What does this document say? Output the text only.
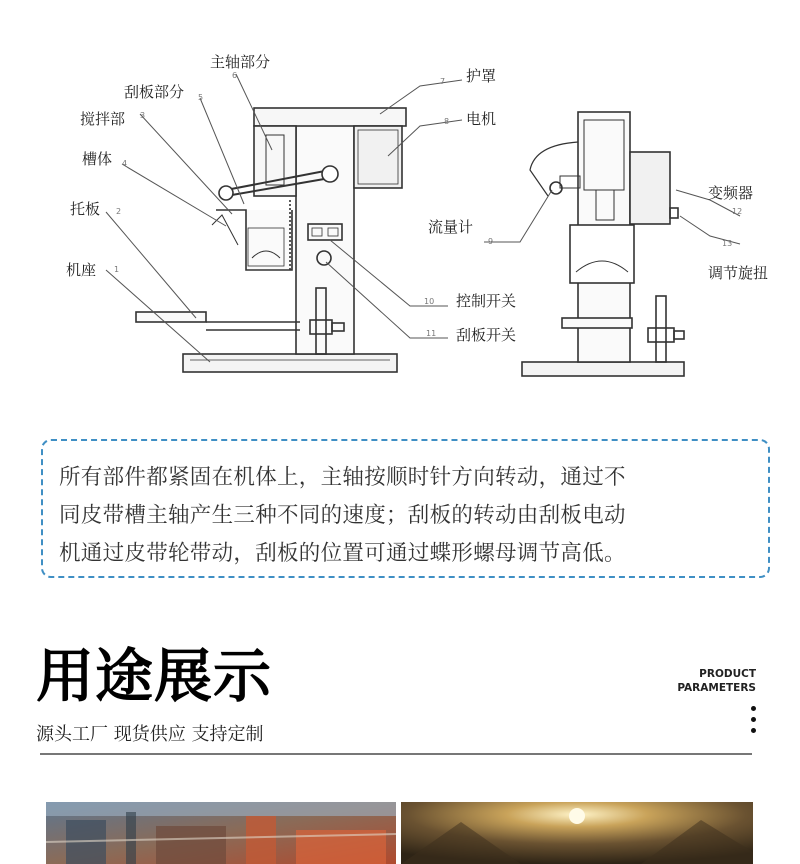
主轴部分
刮板部分
搅拌部
槽体
托板
机座
护罩
电机
流量计
变频器
调节旋扭
控制开关
刮板开关
6
5
3
4
2
1
7
8
9
12
13
10
11

所有部件都紧固在机体上，主轴按顺时针方向转动，通过不

同皮带槽主轴产生三种不同的速度；刮板的转动由刮板电动

机通过皮带轮带动，刮板的位置可通过蝶形螺母调节高低。

用途展示
源头工厂 现货供应 支持定制
PRODUCT
PARAMETERS
